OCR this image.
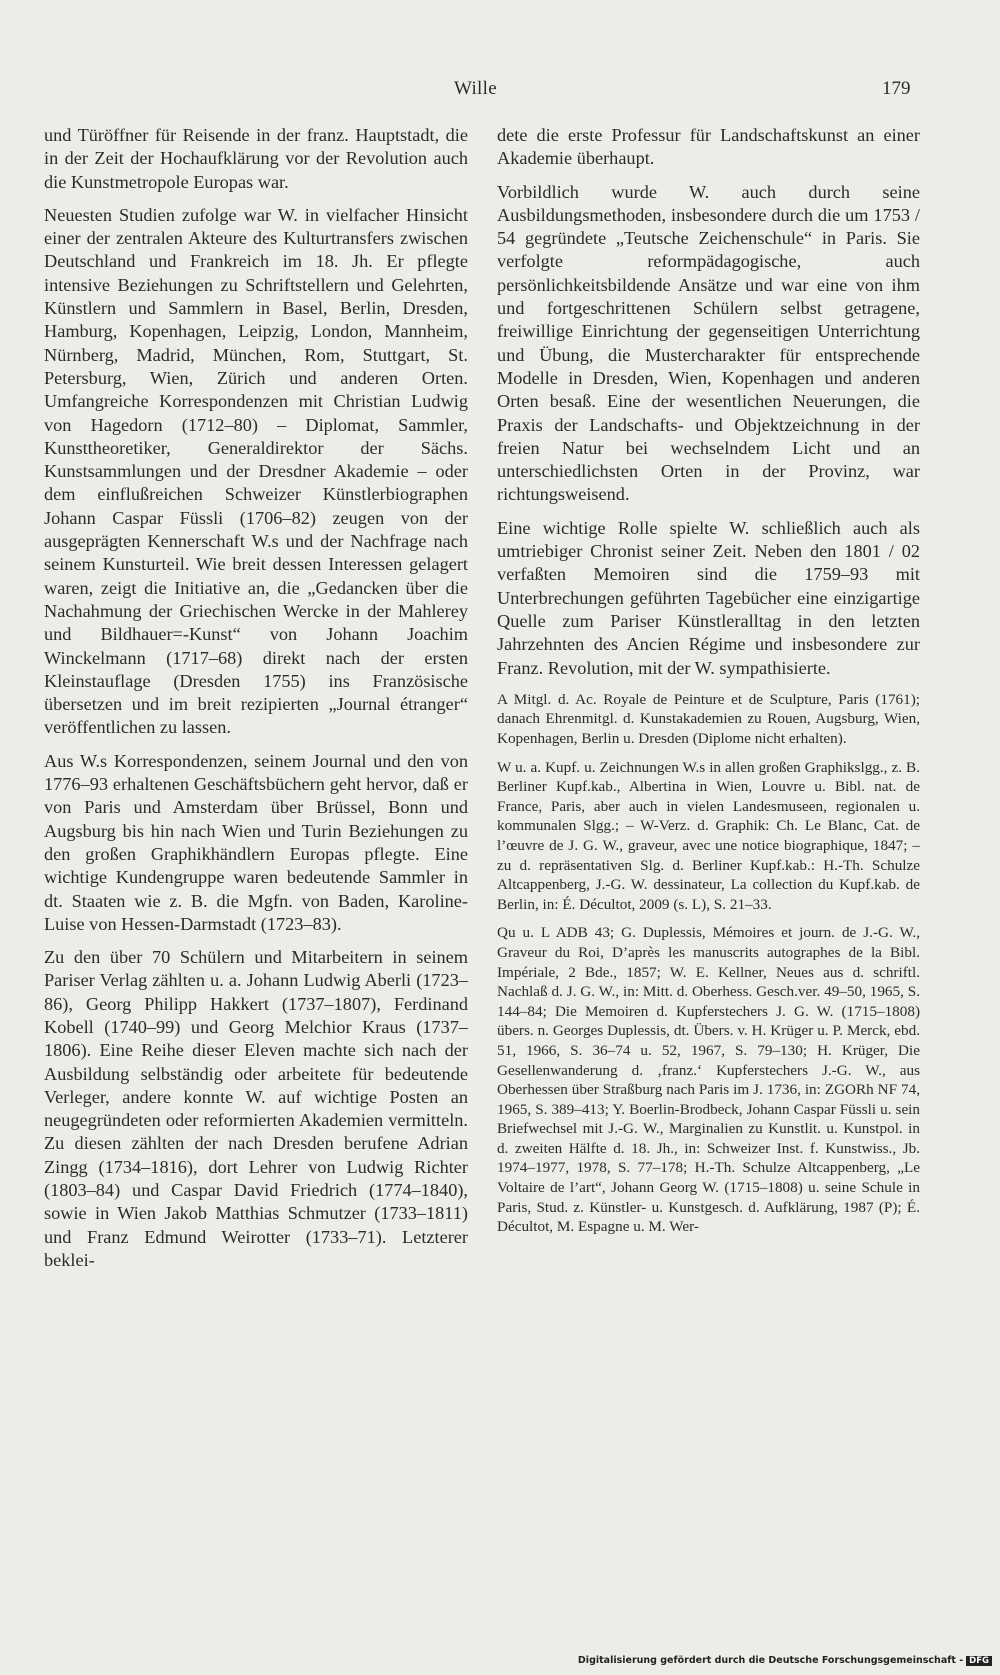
Wille	179

und Türöffner für Reisende in der franz. Hauptstadt, die in der Zeit der Hochaufklärung vor der Revolution auch die Kunstmetropole Europas war.

Neuesten Studien zufolge war W. in vielfacher Hinsicht einer der zentralen Akteure des Kulturtransfers zwischen Deutschland und Frankreich im 18. Jh. Er pflegte intensive Beziehungen zu Schriftstellern und Gelehrten, Künstlern und Sammlern in Basel, Berlin, Dresden, Hamburg, Kopenhagen, Leipzig, London, Mannheim, Nürnberg, Madrid, München, Rom, Stuttgart, St. Petersburg, Wien, Zürich und anderen Orten. Umfangreiche Korrespondenzen mit Christian Ludwig von Hagedorn (1712–80) – Diplomat, Sammler, Kunsttheoretiker, Generaldirektor der Sächs. Kunstsammlungen und der Dresdner Akademie – oder dem einflußreichen Schweizer Künstlerbiographen Johann Caspar Füssli (1706–82) zeugen von der ausgeprägten Kennerschaft W.s und der Nachfrage nach seinem Kunsturteil. Wie breit dessen Interessen gelagert waren, zeigt die Initiative an, die „Gedancken über die Nachahmung der Griechischen Wercke in der Mahlerey und Bildhauer=-Kunst“ von Johann Joachim Winckelmann (1717–68) direkt nach der ersten Kleinstauflage (Dresden 1755) ins Französische übersetzen und im breit rezipierten „Journal étranger“ veröffentlichen zu lassen.

Aus W.s Korrespondenzen, seinem Journal und den von 1776–93 erhaltenen Geschäftsbüchern geht hervor, daß er von Paris und Amsterdam über Brüssel, Bonn und Augsburg bis hin nach Wien und Turin Beziehungen zu den großen Graphikhändlern Europas pflegte. Eine wichtige Kundengruppe waren bedeutende Sammler in dt. Staaten wie z. B. die Mgfn. von Baden, Karoline-Luise von Hessen-Darmstadt (1723–83).

Zu den über 70 Schülern und Mitarbeitern in seinem Pariser Verlag zählten u. a. Johann Ludwig Aberli (1723–86), Georg Philipp Hakkert (1737–1807), Ferdinand Kobell (1740–99) und Georg Melchior Kraus (1737–1806). Eine Reihe dieser Eleven machte sich nach der Ausbildung selbständig oder arbeitete für bedeutende Verleger, andere konnte W. auf wichtige Posten an neugegründeten oder reformierten Akademien vermitteln. Zu diesen zählten der nach Dresden berufene Adrian Zingg (1734–1816), dort Lehrer von Ludwig Richter (1803–84) und Caspar David Friedrich (1774–1840), sowie in Wien Jakob Matthias Schmutzer (1733–1811) und Franz Edmund Weirotter (1733–71). Letzterer beklei-

dete die erste Professur für Landschaftskunst an einer Akademie überhaupt.

Vorbildlich wurde W. auch durch seine Ausbildungsmethoden, insbesondere durch die um 1753 / 54 gegründete „Teutsche Zeichenschule“ in Paris. Sie verfolgte reformpädagogische, auch persönlichkeitsbildende Ansätze und war eine von ihm und fortgeschrittenen Schülern selbst getragene, freiwillige Einrichtung der gegenseitigen Unterrichtung und Übung, die Mustercharakter für entsprechende Modelle in Dresden, Wien, Kopenhagen und anderen Orten besaß. Eine der wesentlichen Neuerungen, die Praxis der Landschafts- und Objektzeichnung in der freien Natur bei wechselndem Licht und an unterschiedlichsten Orten in der Provinz, war richtungsweisend.

Eine wichtige Rolle spielte W. schließlich auch als umtriebiger Chronist seiner Zeit. Neben den 1801 / 02 verfaßten Memoiren sind die 1759–93 mit Unterbrechungen geführten Tagebücher eine einzigartige Quelle zum Pariser Künstleralltag in den letzten Jahrzehnten des Ancien Régime und insbesondere zur Franz. Revolution, mit der W. sympathisierte.

A Mitgl. d. Ac. Royale de Peinture et de Sculpture, Paris (1761); danach Ehrenmitgl. d. Kunstakademien zu Rouen, Augsburg, Wien, Kopenhagen, Berlin u. Dresden (Diplome nicht erhalten).

W u. a. Kupf. u. Zeichnungen W.s in allen großen Graphikslgg., z. B. Berliner Kupf.kab., Albertina in Wien, Louvre u. Bibl. nat. de France, Paris, aber auch in vielen Landesmuseen, regionalen u. kommunalen Slgg.; – W-Verz. d. Graphik: Ch. Le Blanc, Cat. de l’œuvre de J. G. W., graveur, avec une notice biographique, 1847; – zu d. repräsentativen Slg. d. Berliner Kupf.kab.: H.-Th. Schulze Altcappenberg, J.-G. W. dessinateur, La collection du Kupf.kab. de Berlin, in: É. Décultot, 2009 (s. L), S. 21–33.

Qu u. L ADB 43; G. Duplessis, Mémoires et journ. de J.-G. W., Graveur du Roi, D’après les manuscrits autographes de la Bibl. Impériale, 2 Bde., 1857; W. E. Kellner, Neues aus d. schriftl. Nachlaß d. J. G. W., in: Mitt. d. Oberhess. Gesch.ver. 49–50, 1965, S. 144–84; Die Memoiren d. Kupferstechers J. G. W. (1715–1808) übers. n. Georges Duplessis, dt. Übers. v. H. Krüger u. P. Merck, ebd. 51, 1966, S. 36–74 u. 52, 1967, S. 79–130; H. Krüger, Die Gesellenwanderung d. ‚franz.‘ Kupferstechers J.-G. W., aus Oberhessen über Straßburg nach Paris im J. 1736, in: ZGORh NF 74, 1965, S. 389–413; Y. Boerlin-Brodbeck, Johann Caspar Füssli u. sein Briefwechsel mit J.-G. W., Marginalien zu Kunstlit. u. Kunstpol. in d. zweiten Hälfte d. 18. Jh., in: Schweizer Inst. f. Kunstwiss., Jb. 1974–1977, 1978, S. 77–178; H.-Th. Schulze Altcappenberg, „Le Voltaire de l’art“, Johann Georg W. (1715–1808) u. seine Schule in Paris, Stud. z. Künstler- u. Kunstgesch. d. Aufklärung, 1987 (P); É. Décultot, M. Espagne u. M. Wer-

Digitalisierung gefördert durch die Deutsche Forschungsgemeinschaft - DFG
